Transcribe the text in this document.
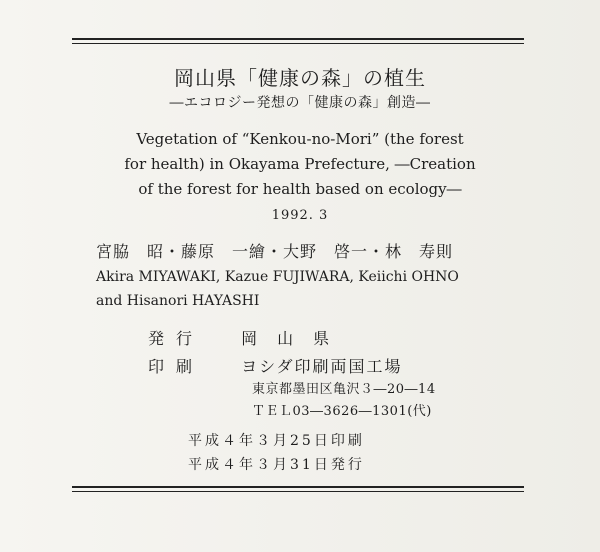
岡山県「健康の森」の植生
―エコロジー発想の「健康の森」創造―
Vegetation of “Kenkou-no-Mori” (the forest
for health) in Okayama Prefecture, ―Creation
of the forest for health based on ecology―
1992. 3
宮脇　昭・藤原　一繪・大野　啓一・林　寿則
Akira MIYAWAKI, Kazue FUJIWARA, Keiichi OHNO
and Hisanori HAYASHI
発行 岡　山　県
印刷 ヨシダ印刷両国工場
東京都墨田区亀沢３―20―14
ＴＥＬ03―3626―1301(代)
平成４年３月25日印刷
平成４年３月31日発行
